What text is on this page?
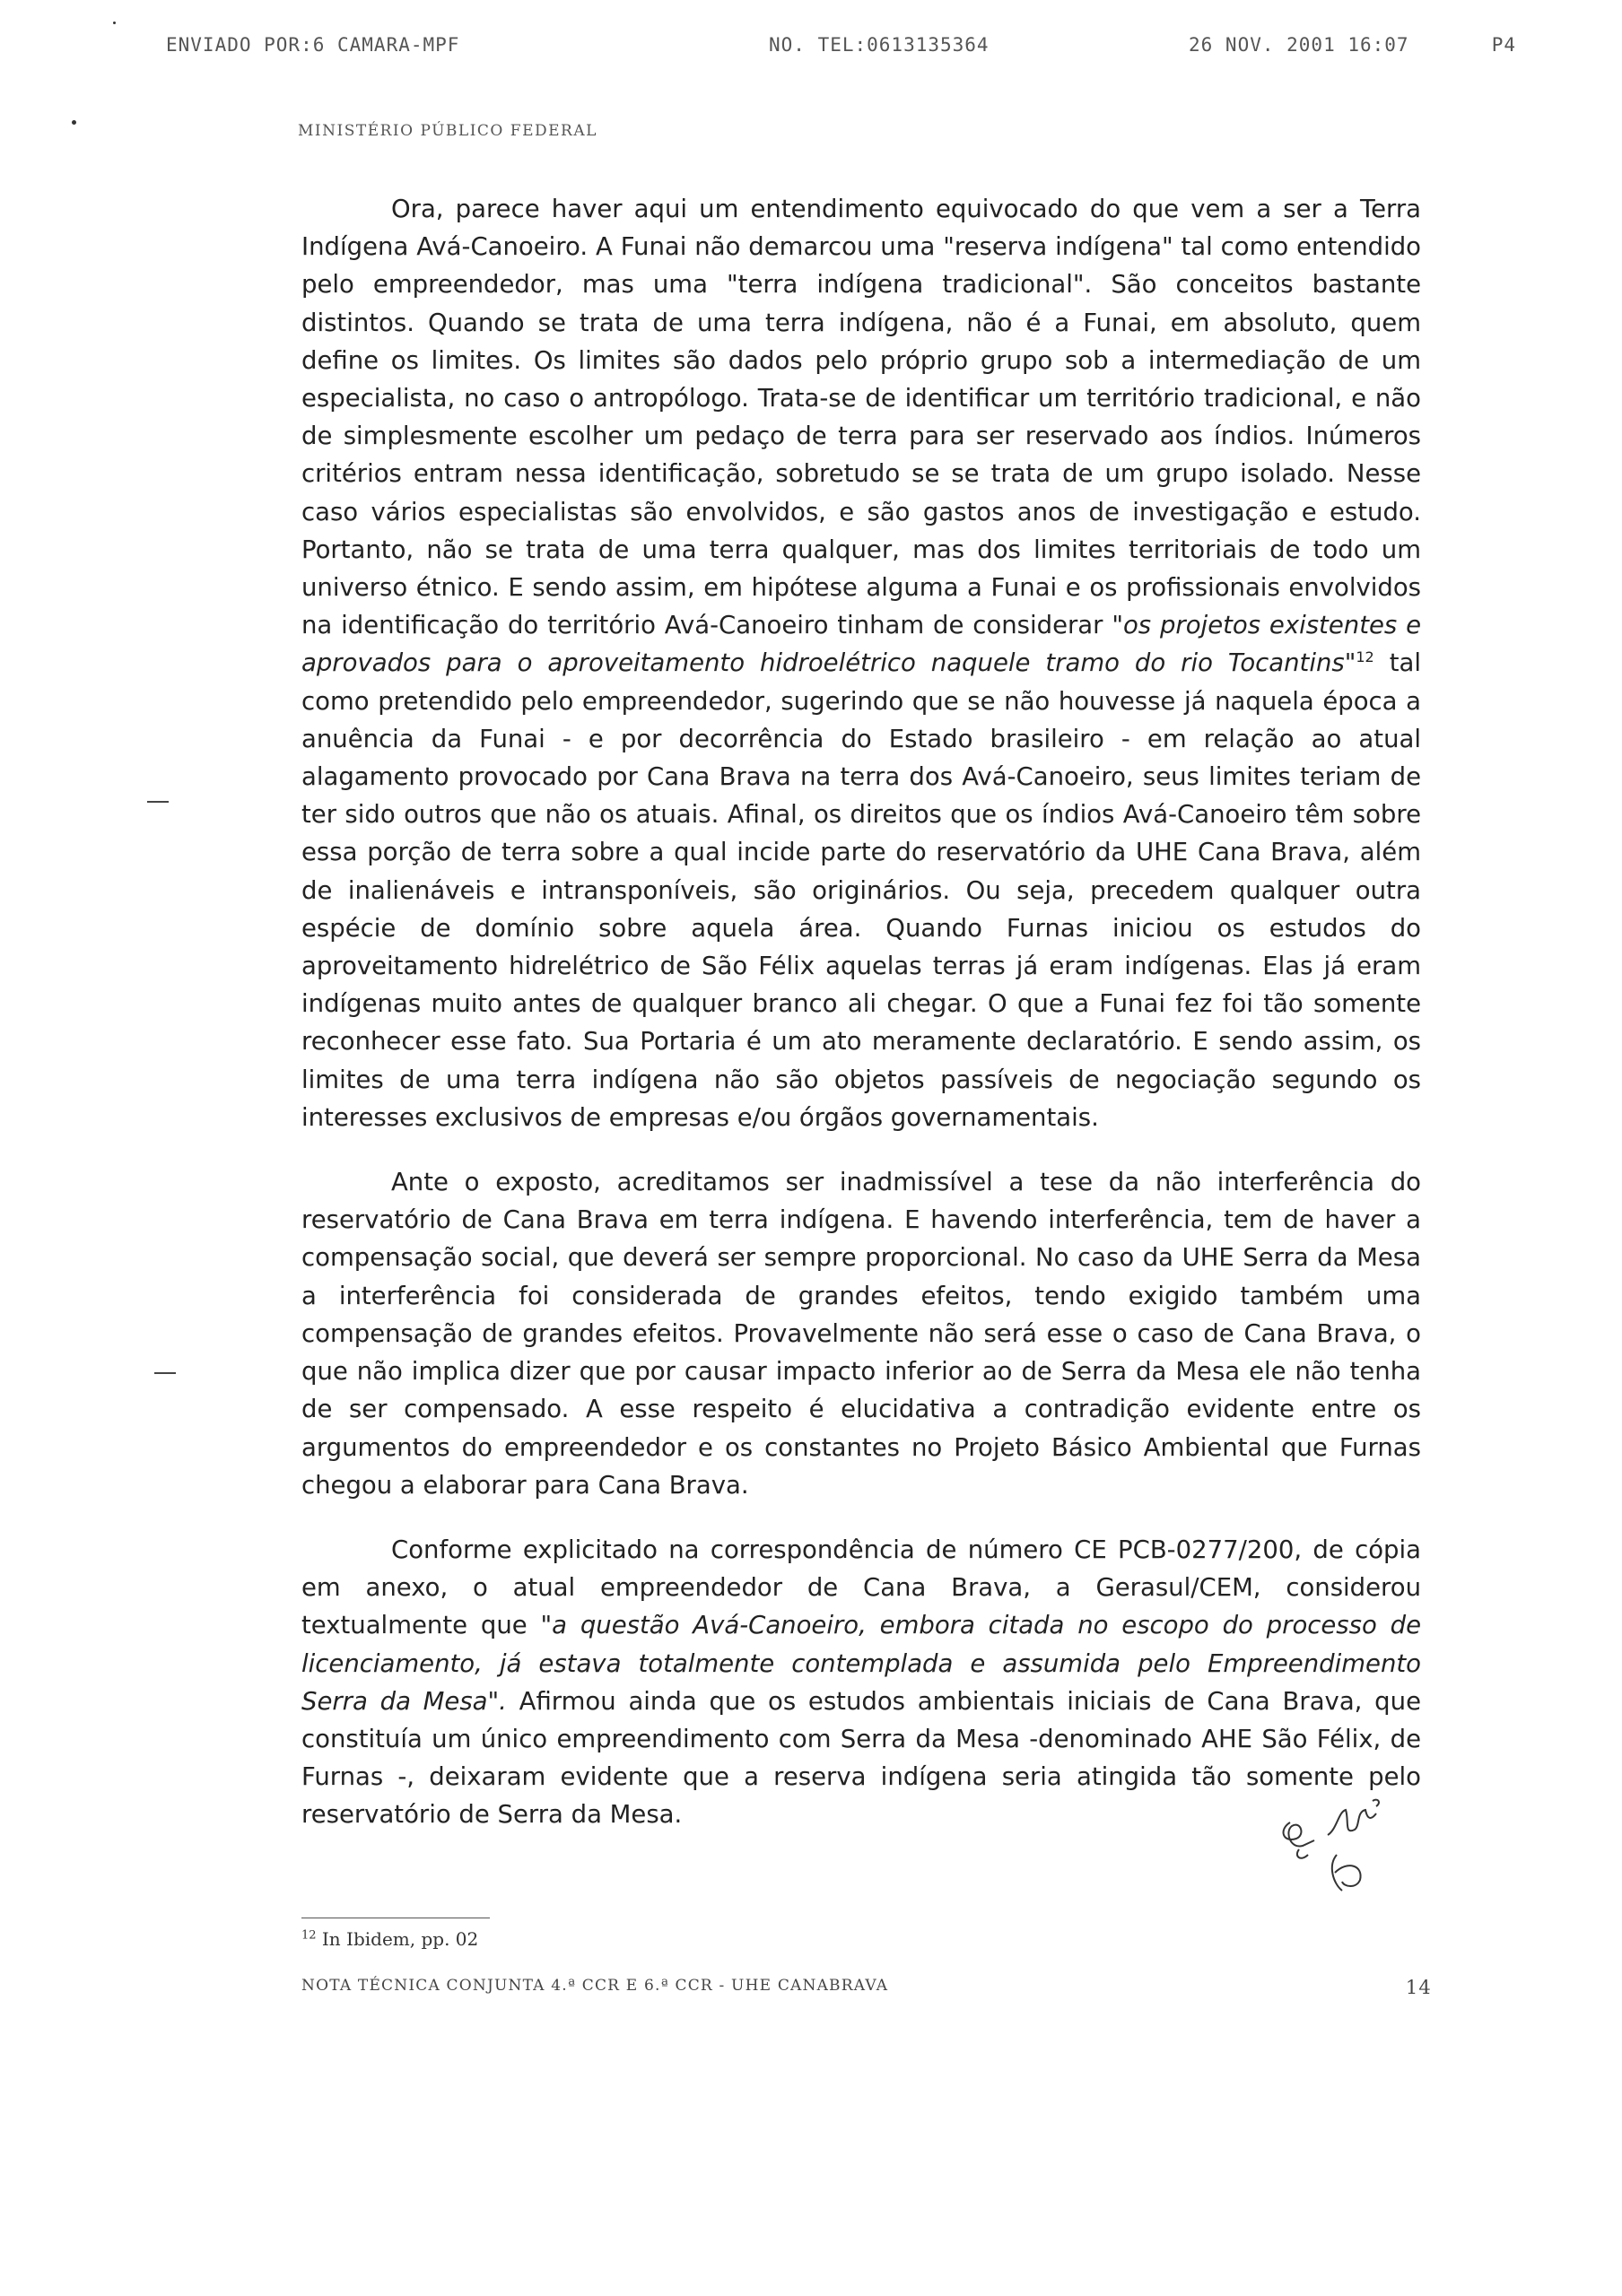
ENVIADO POR:6 CAMARA-MPF	NO. TEL:0613135364	26 NOV. 2001 16:07	P4
MINISTÉRIO PÚBLICO FEDERAL

Ora, parece haver aqui um entendimento equivocado do que vem a ser a Terra Indígena Avá-Canoeiro. A Funai não demarcou uma "reserva indígena" tal como entendido pelo empreendedor, mas uma "terra indígena tradicional". São conceitos bastante distintos. Quando se trata de uma terra indígena, não é a Funai, em absoluto, quem define os limites. Os limites são dados pelo próprio grupo sob a intermediação de um especialista, no caso o antropólogo. Trata-se de identificar um território tradicional, e não de simplesmente escolher um pedaço de terra para ser reservado aos índios. Inúmeros critérios entram nessa identificação, sobretudo se se trata de um grupo isolado. Nesse caso vários especialistas são envolvidos, e são gastos anos de investigação e estudo. Portanto, não se trata de uma terra qualquer, mas dos limites territoriais de todo um universo étnico. E sendo assim, em hipótese alguma a Funai e os profissionais envolvidos na identificação do território Avá-Canoeiro tinham de considerar "os projetos existentes e aprovados para o aproveitamento hidroelétrico naquele tramo do rio Tocantins"$^{12}$ tal como pretendido pelo empreendedor, sugerindo que se não houvesse já naquela época a anuência da Funai - e por decorrência do Estado brasileiro - em relação ao atual alagamento provocado por Cana Brava na terra dos Avá-Canoeiro, seus limites teriam de ter sido outros que não os atuais. Afinal, os direitos que os índios Avá-Canoeiro têm sobre essa porção de terra sobre a qual incide parte do reservatório da UHE Cana Brava, além de inalienáveis e intransponíveis, são originários. Ou seja, precedem qualquer outra espécie de domínio sobre aquela área. Quando Furnas iniciou os estudos do aproveitamento hidrelétrico de São Félix aquelas terras já eram indígenas. Elas já eram indígenas muito antes de qualquer branco ali chegar. O que a Funai fez foi tão somente reconhecer esse fato. Sua Portaria é um ato meramente declaratório. E sendo assim, os limites de uma terra indígena não são objetos passíveis de negociação segundo os interesses exclusivos de empresas e/ou órgãos governamentais.

Ante o exposto, acreditamos ser inadmissível a tese da não interferência do reservatório de Cana Brava em terra indígena. E havendo interferência, tem de haver a compensação social, que deverá ser sempre proporcional. No caso da UHE Serra da Mesa a interferência foi considerada de grandes efeitos, tendo exigido também uma compensação de grandes efeitos. Provavelmente não será esse o caso de Cana Brava, o que não implica dizer que por causar impacto inferior ao de Serra da Mesa ele não tenha de ser compensado. A esse respeito é elucidativa a contradição evidente entre os argumentos do empreendedor e os constantes no Projeto Básico Ambiental que Furnas chegou a elaborar para Cana Brava.

Conforme explicitado na correspondência de número CE PCB-0277/200, de cópia em anexo, o atual empreendedor de Cana Brava, a Gerasul/CEM, considerou textualmente que "a questão Avá-Canoeiro, embora citada no escopo do processo de licenciamento, já estava totalmente contemplada e assumida pelo Empreendimento Serra da Mesa". Afirmou ainda que os estudos ambientais iniciais de Cana Brava, que constituía um único empreendimento com Serra da Mesa -denominado AHE São Félix, de Furnas -, deixaram evidente que a reserva indígena seria atingida tão somente pelo reservatório de Serra da Mesa.

$^{12}$ In Ibidem, pp. 02
NOTA TÉCNICA CONJUNTA 4.ª CCR E 6.ª CCR - UHE CANABRAVA	14
